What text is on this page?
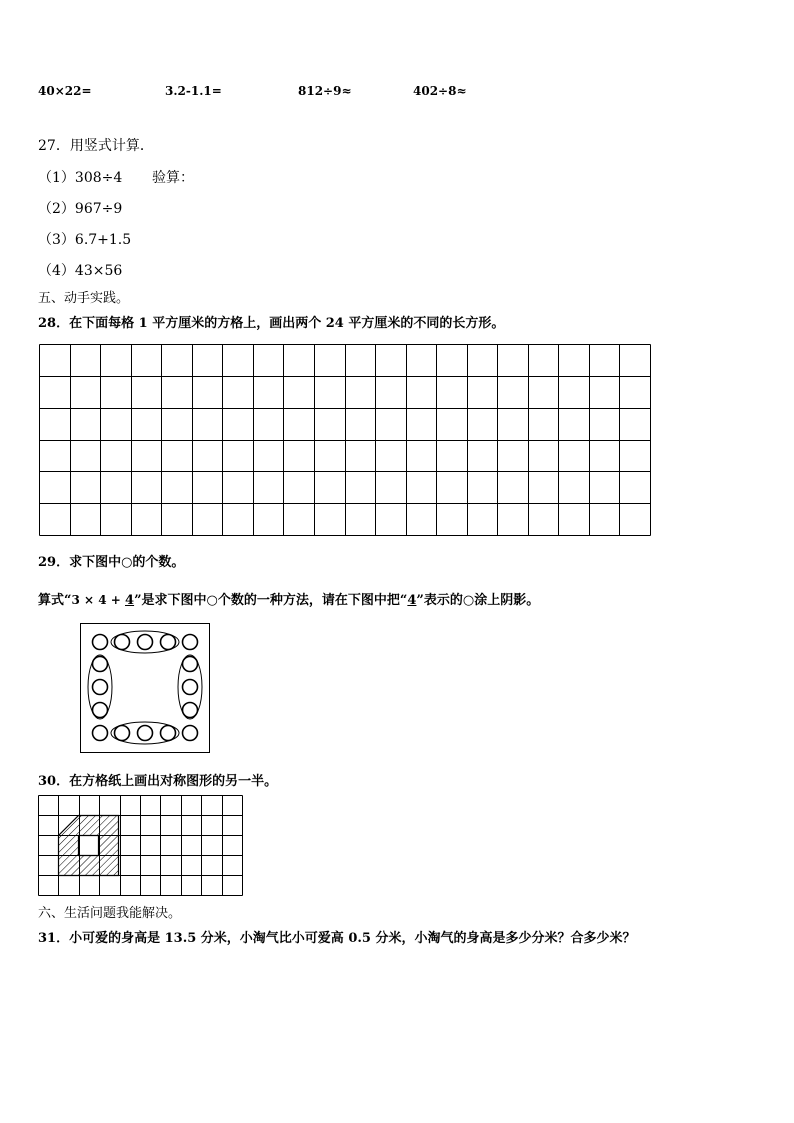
40×22=	3.2-1.1=	812÷9≈	402÷8≈
27．用竖式计算．
（1）308÷4 验算：
（2）967÷9
（3）6.7+1.5
（4）43×56
五、动手实践。
28．在下面每格 1 平方厘米的方格上，画出两个 24 平方厘米的不同的长方形。
29．求下图中○的个数。
算式“3 × 4 + 4”是求下图中○个数的一种方法，请在下图中把“4”表示的○涂上阴影。
30．在方格纸上画出对称图形的另一半。
六、生活问题我能解决。
31．小可爱的身高是 13.5 分米，小淘气比小可爱高 0.5 分米，小淘气的身高是多少分米？合多少米？
